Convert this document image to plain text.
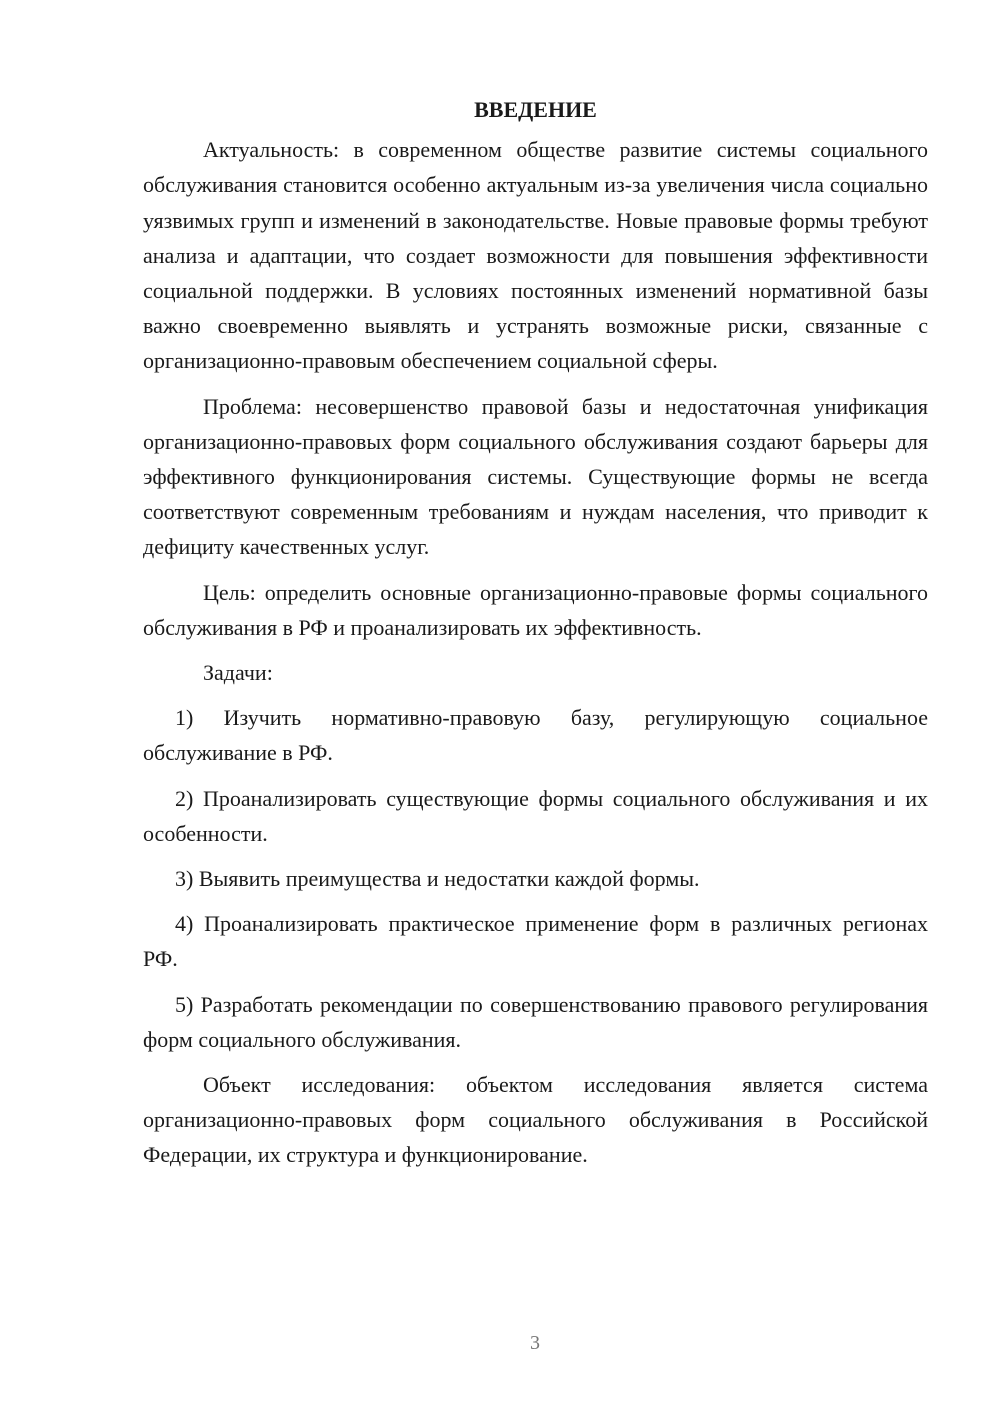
ВВЕДЕНИЕ

Актуальность: в современном обществе развитие системы социального обслуживания становится особенно актуальным из-за увеличения числа социально уязвимых групп и изменений в законодательстве. Новые правовые формы требуют анализа и адаптации, что создает возможности для повышения эффективности социальной поддержки. В условиях постоянных изменений нормативной базы важно своевременно выявлять и устранять возможные риски, связанные с организационно-правовым обеспечением социальной сферы.

Проблема: несовершенство правовой базы и недостаточная унификация организационно-правовых форм социального обслуживания создают барьеры для эффективного функционирования системы. Существующие формы не всегда соответствуют современным требованиям и нуждам населения, что приводит к дефициту качественных услуг.

Цель: определить основные организационно-правовые формы социального обслуживания в РФ и проанализировать их эффективность.

Задачи:

1) Изучить нормативно-правовую базу, регулирующую социальное обслуживание в РФ.

2) Проанализировать существующие формы социального обслуживания и их особенности.

3) Выявить преимущества и недостатки каждой формы.

4) Проанализировать практическое применение форм в различных регионах РФ.

5) Разработать рекомендации по совершенствованию правового регулирования форм социального обслуживания.

Объект исследования: объектом исследования является система организационно-правовых форм социального обслуживания в Российской Федерации, их структура и функционирование.

3
